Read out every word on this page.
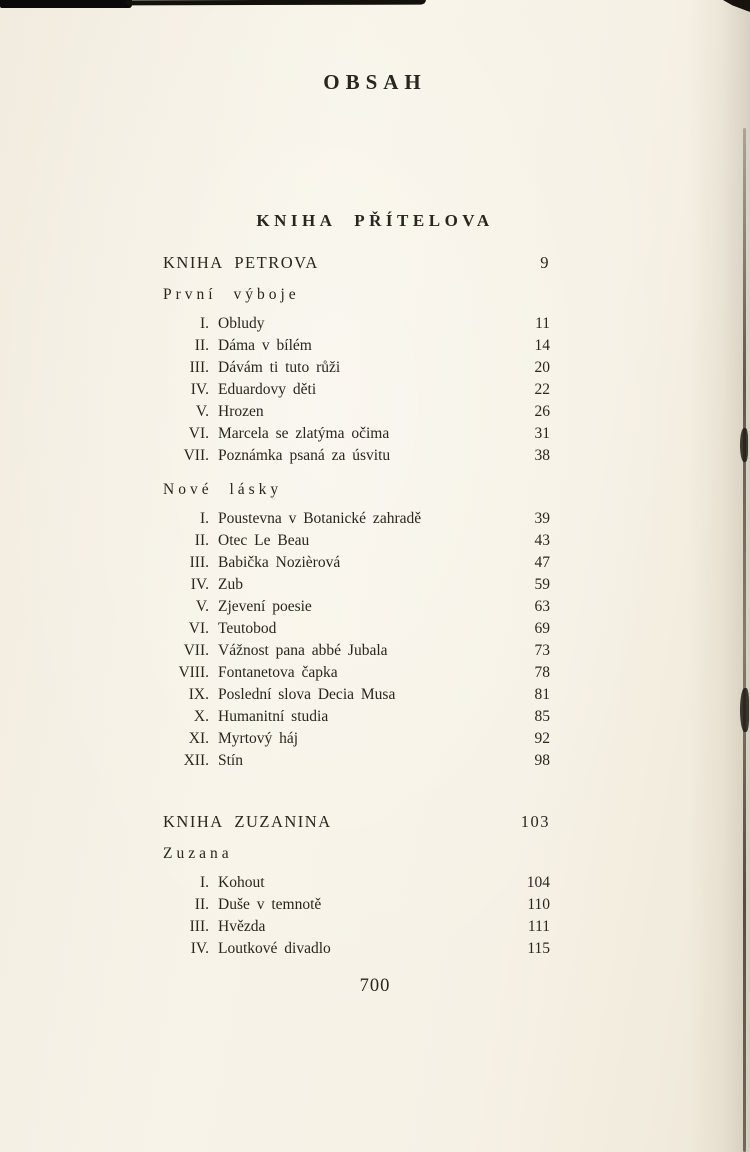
OBSAH
KNIHA PŘÍTELOVA
KNIHA PETROVA	9
První výboje
I. Obludy	11
II. Dáma v bílém	14
III. Dávám ti tuto růži	20
IV. Eduardovy děti	22
V. Hrozen	26
VI. Marcela se zlatýma očima	31
VII. Poznámka psaná za úsvitu	38
Nové lásky
I. Poustevna v Botanické zahradě	39
II. Otec Le Beau	43
III. Babička Nozièrová	47
IV. Zub	59
V. Zjevení poesie	63
VI. Teutobod	69
VII. Vážnost pana abbé Jubala	73
VIII. Fontanetova čapka	78
IX. Poslední slova Decia Musa	81
X. Humanitní studia	85
XI. Myrtový háj	92
XII. Stín	98
KNIHA ZUZANINA	103
Zuzana
I. Kohout	104
II. Duše v temnotě	110
III. Hvězda	111
IV. Loutkové divadlo	115
700
